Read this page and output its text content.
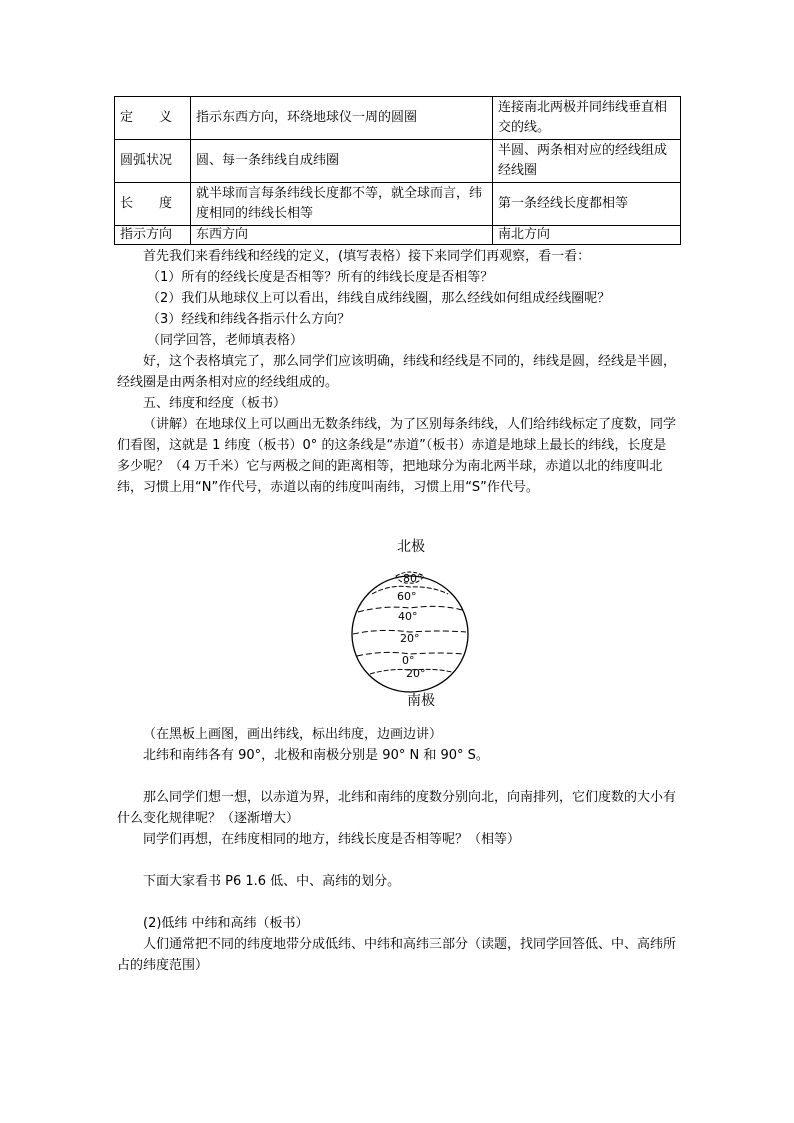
定　　义	指示东西方向，环绕地球仪一周的圆圈	连接南北两极并同纬线垂直相交的线。
圆弧状况	圆、每一条纬线自成纬圈	半圆、两条相对应的经线组成经线圈
长　　度	就半球而言每条纬线长度都不等，就全球而言，纬度相同的纬线长相等	第一条经线长度都相等
指示方向	东西方向	南北方向
首先我们来看纬线和经线的定义，(填写表格）接下来同学们再观察，看一看：
（1）所有的经线长度是否相等？所有的纬线长度是否相等？
（2）我们从地球仪上可以看出，纬线自成纬线圈，那么经线如何组成经线圈呢？
（3）经线和纬线各指示什么方向？
（同学回答，老师填表格）
好，这个表格填完了，那么同学们应该明确，纬线和经线是不同的，纬线是圆，经线是半圆，经线圈是由两条相对应的经线组成的。
五、纬度和经度（板书）
（讲解）在地球仪上可以画出无数条纬线，为了区别每条纬线，人们给纬线标定了度数，同学们看图，这就是 1 纬度（板书）0° 的这条线是“赤道”（板书）赤道是地球上最长的纬线，长度是多少呢？（4 万千米）它与两极之间的距离相等，把地球分为南北两半球，赤道以北的纬度叫北纬，习惯上用“N”作代号，赤道以南的纬度叫南纬，习惯上用“S”作代号。
北极
80°
60°
40°
20°
0°
20°
南极
（在黑板上画图，画出纬线，标出纬度，边画边讲）
北纬和南纬各有 90°，北极和南极分别是 90° N 和 90° S。
那么同学们想一想，以赤道为界，北纬和南纬的度数分别向北，向南排列，它们度数的大小有什么变化规律呢？（逐渐增大）
同学们再想，在纬度相同的地方，纬线长度是否相等呢？（相等）
下面大家看书 P6 1.6 低、中、高纬的划分。
(2)低纬 中纬和高纬（板书）
人们通常把不同的纬度地带分成低纬、中纬和高纬三部分（读题，找同学回答低、中、高纬所占的纬度范围）
